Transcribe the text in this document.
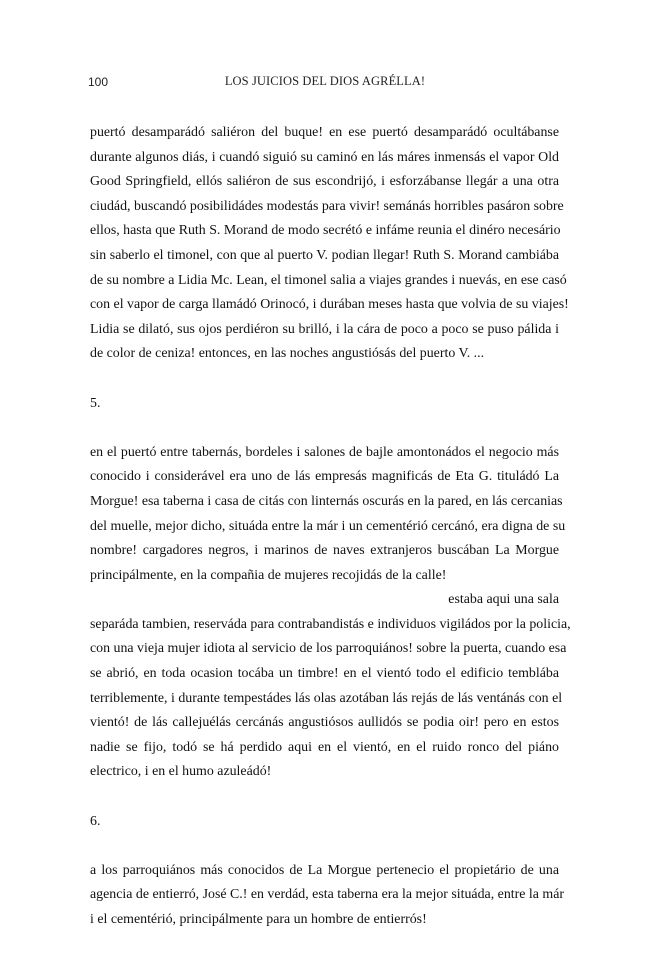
100	LOS JUICIOS DEL DIOS AGRÉLLA!

puertó desamparádó saliéron del buque! en ese puertó desamparádó ocultábanse
durante algunos diás, i cuandó siguió su caminó en lás máres inmensás el vapor Old
Good Springfield, ellós saliéron de sus escondrijó, i esforzábanse llegár a una otra
ciudád, buscandó posibilidádes modestás para vivir! semánás horribles pasáron sobre
ellos, hasta que Ruth S. Morand de modo secrétó e infáme reunia el dinéro necesário
sin saberlo el timonel, con que al puerto V. podian llegar! Ruth S. Morand cambiába
de su nombre a Lidia Mc. Lean, el timonel salia a viajes grandes i nuevás, en ese casó
con el vapor de carga llamádó Orinocó, i durában meses hasta que volvia de su viajes!
Lidia se dilató, sus ojos perdiéron su brilló, i la cára de poco a poco se puso pálida i
de color de ceniza! entonces, en las noches angustiósás del puerto V. ...

5.

en el puertó entre tabernás, bordeles i salones de bajle amontonádos el negocio más
conocido i considerável era uno de lás empresás magnificás de Eta G. tituládó La
Morgue! esa taberna i casa de citás con linternás oscurás en la pared, en lás cercanias
del muelle, mejor dicho, situáda entre la már i un cementérió cercánó, era digna de su
nombre! cargadores negros, i marinos de naves extranjeros buscában La Morgue
principálmente, en la compañia de mujeres recojidás de la calle!

estaba aqui una sala
separáda tambien, reserváda para contrabandistás e individuos vigiládos por la policia,
con una vieja mujer idiota al servicio de los parroquiános! sobre la puerta, cuando esa
se abrió, en toda ocasion tocába un timbre! en el vientó todo el edificio temblába
terriblemente, i durante tempestádes lás olas azotában lás rejás de lás ventánás con el
vientó! de lás callejuélás cercánás angustiósos aullidós se podia oir! pero en estos
nadie se fijo, todó se há perdido aqui en el vientó, en el ruido ronco del piáno
electrico, i en el humo azuleádó!

6.

a los parroquiános más conocidos de La Morgue pertenecio el propietário de una
agencia de entierró, José C.! en verdád, esta taberna era la mejor situáda, entre la már
i el cementérió, principálmente para un hombre de entierrós!
